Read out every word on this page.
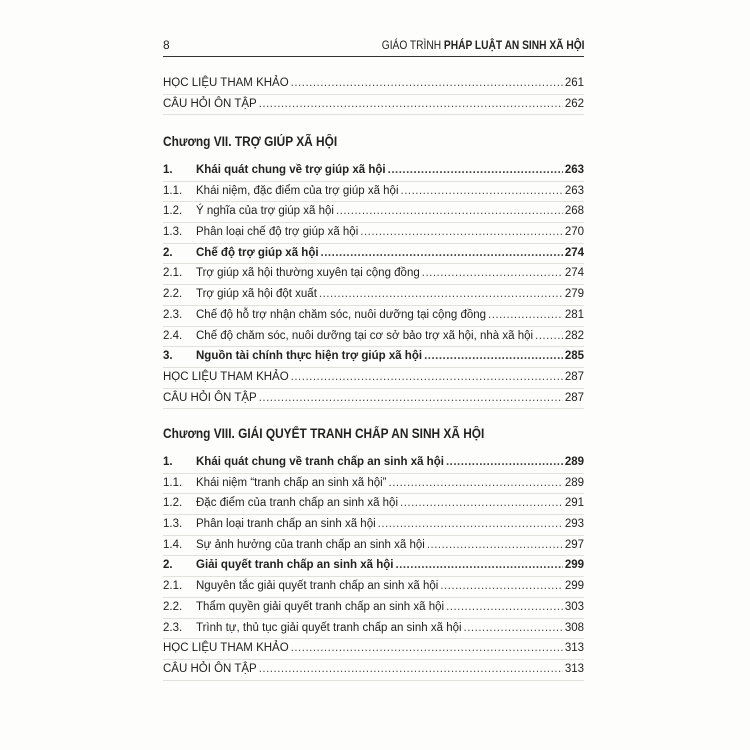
8	GIÁO TRÌNH PHÁP LUẬT AN SINH XÃ HỘI
HỌC LIỆU THAM KHẢO .....	261
CÂU HỎI ÔN TẬP .....	262
Chương VII. TRỢ GIÚP XÃ HỘI
1.	Khái quát chung về trợ giúp xã hội .....	263
1.1.	Khái niệm, đặc điểm của trợ giúp xã hội .....	263
1.2.	Ý nghĩa của trợ giúp xã hội .....	268
1.3.	Phân loại chế độ trợ giúp xã hội .....	270
2.	Chế độ trợ giúp xã hội .....	274
2.1.	Trợ giúp xã hội thường xuyên tại cộng đồng .....	274
2.2.	Trợ giúp xã hội đột xuất .....	279
2.3.	Chế độ hỗ trợ nhận chăm sóc, nuôi dưỡng tại cộng đồng .....	281
2.4.	Chế độ chăm sóc, nuôi dưỡng tại cơ sở bảo trợ xã hội, nhà xã hội .....	282
3.	Nguồn tài chính thực hiện trợ giúp xã hội .....	285
HỌC LIỆU THAM KHẢO .....	287
CÂU HỎI ÔN TẬP .....	287
Chương VIII. GIẢI QUYẾT TRANH CHẤP AN SINH XÃ HỘI
1.	Khái quát chung về tranh chấp an sinh xã hội .....	289
1.1.	Khái niệm “tranh chấp an sinh xã hội” .....	289
1.2.	Đặc điểm của tranh chấp an sinh xã hội .....	291
1.3.	Phân loại tranh chấp an sinh xã hội .....	293
1.4.	Sự ảnh hưởng của tranh chấp an sinh xã hội .....	297
2.	Giải quyết tranh chấp an sinh xã hội .....	299
2.1.	Nguyên tắc giải quyết tranh chấp an sinh xã hội .....	299
2.2.	Thẩm quyền giải quyết tranh chấp an sinh xã hội .....	303
2.3.	Trình tự, thủ tục giải quyết tranh chấp an sinh xã hội .....	308
HỌC LIỆU THAM KHẢO .....	313
CÂU HỎI ÔN TẬP .....	313
